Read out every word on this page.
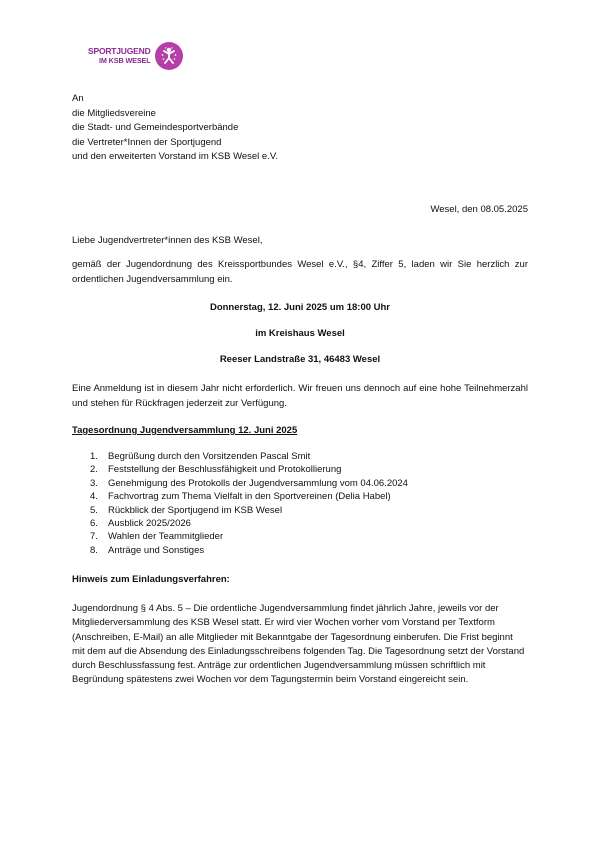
SPORTJUGEND
IM KSB WESEL
An
die Mitgliedsvereine
die Stadt- und Gemeindesportverbände
die Vertreter*Innen der Sportjugend
und den erweiterten Vorstand im KSB Wesel e.V.
Wesel, den 08.05.2025
Liebe Jugendvertreter*innen des KSB Wesel,
gemäß der Jugendordnung des Kreissportbundes Wesel e.V., §4, Ziffer 5, laden wir Sie herzlich zur ordentlichen Jugendversammlung ein.
Donnerstag, 12. Juni 2025 um 18:00 Uhr
im Kreishaus Wesel
Reeser Landstraße 31, 46483 Wesel
Eine Anmeldung ist in diesem Jahr nicht erforderlich. Wir freuen uns dennoch auf eine hohe Teilnehmerzahl und stehen für Rückfragen jederzeit zur Verfügung.
Tagesordnung Jugendversammlung 12. Juni 2025
1.	Begrüßung durch den Vorsitzenden Pascal Smit
2.	Feststellung der Beschlussfähigkeit und Protokollierung
3.	Genehmigung des Protokolls der Jugendversammlung vom 04.06.2024
4.	Fachvortrag zum Thema Vielfalt in den Sportvereinen (Delia Habel)
5.	Rückblick der Sportjugend im KSB Wesel
6.	Ausblick 2025/2026
7.	Wahlen der Teammitglieder
8.	Anträge und Sonstiges
Hinweis zum Einladungsverfahren:
Jugendordnung § 4 Abs. 5 – Die ordentliche Jugendversammlung findet jährlich Jahre, jeweils vor der Mitgliederversammlung des KSB Wesel statt. Er wird vier Wochen vorher vom Vorstand per Textform (Anschreiben, E-Mail) an alle Mitglieder mit Bekanntgabe der Tagesordnung einberufen. Die Frist beginnt mit dem auf die Absendung des Einladungsschreibens folgenden Tag. Die Tagesordnung setzt der Vorstand durch Beschlussfassung fest. Anträge zur ordentlichen Jugendversammlung müssen schriftlich mit Begründung spätestens zwei Wochen vor dem Tagungstermin beim Vorstand eingereicht sein.
